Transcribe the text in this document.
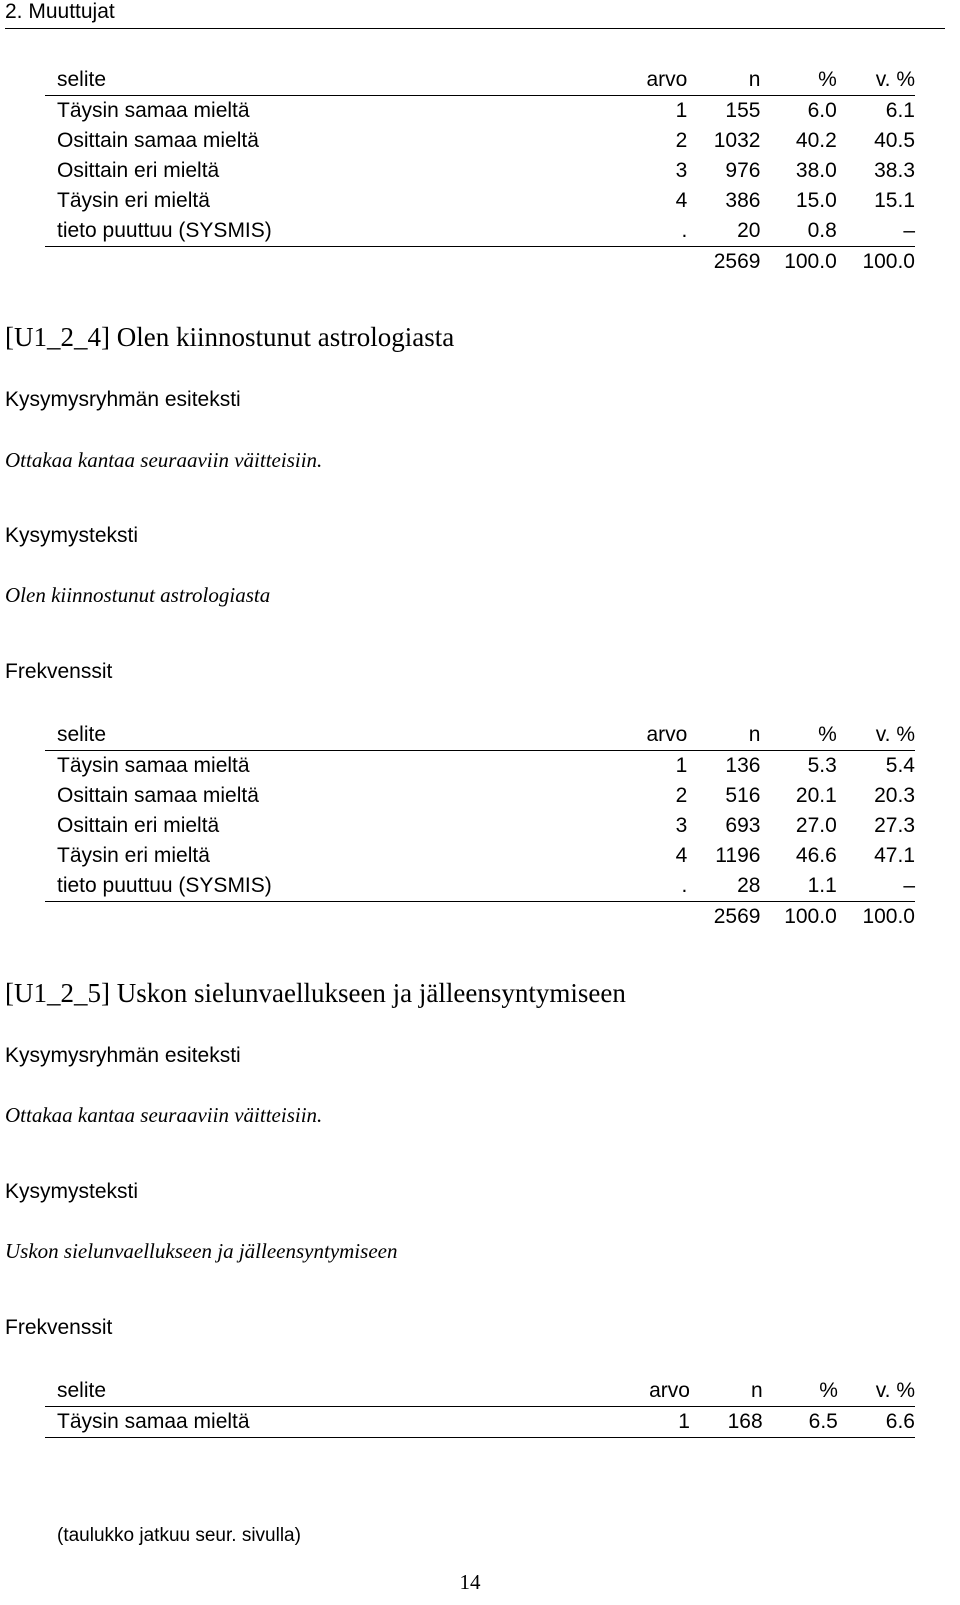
2. Muuttujat
selite	arvo	n	%	v. %
Täysin samaa mieltä	1	155	6.0	6.1
Osittain samaa mieltä	2	1032	40.2	40.5
Osittain eri mieltä	3	976	38.0	38.3
Täysin eri mieltä	4	386	15.0	15.1
tieto puuttuu (SYSMIS)	.	20	0.8	–
		2569	100.0	100.0
[U1_2_4] Olen kiinnostunut astrologiasta
Kysymysryhmän esiteksti
Ottakaa kantaa seuraaviin väitteisiin.
Kysymysteksti
Olen kiinnostunut astrologiasta
Frekvenssit
selite	arvo	n	%	v. %
Täysin samaa mieltä	1	136	5.3	5.4
Osittain samaa mieltä	2	516	20.1	20.3
Osittain eri mieltä	3	693	27.0	27.3
Täysin eri mieltä	4	1196	46.6	47.1
tieto puuttuu (SYSMIS)	.	28	1.1	–
		2569	100.0	100.0
[U1_2_5] Uskon sielunvaellukseen ja jälleensyntymiseen
Kysymysryhmän esiteksti
Ottakaa kantaa seuraaviin väitteisiin.
Kysymysteksti
Uskon sielunvaellukseen ja jälleensyntymiseen
Frekvenssit
selite	arvo	n	%	v. %
Täysin samaa mieltä	1	168	6.5	6.6
(taulukko jatkuu seur. sivulla)
14
